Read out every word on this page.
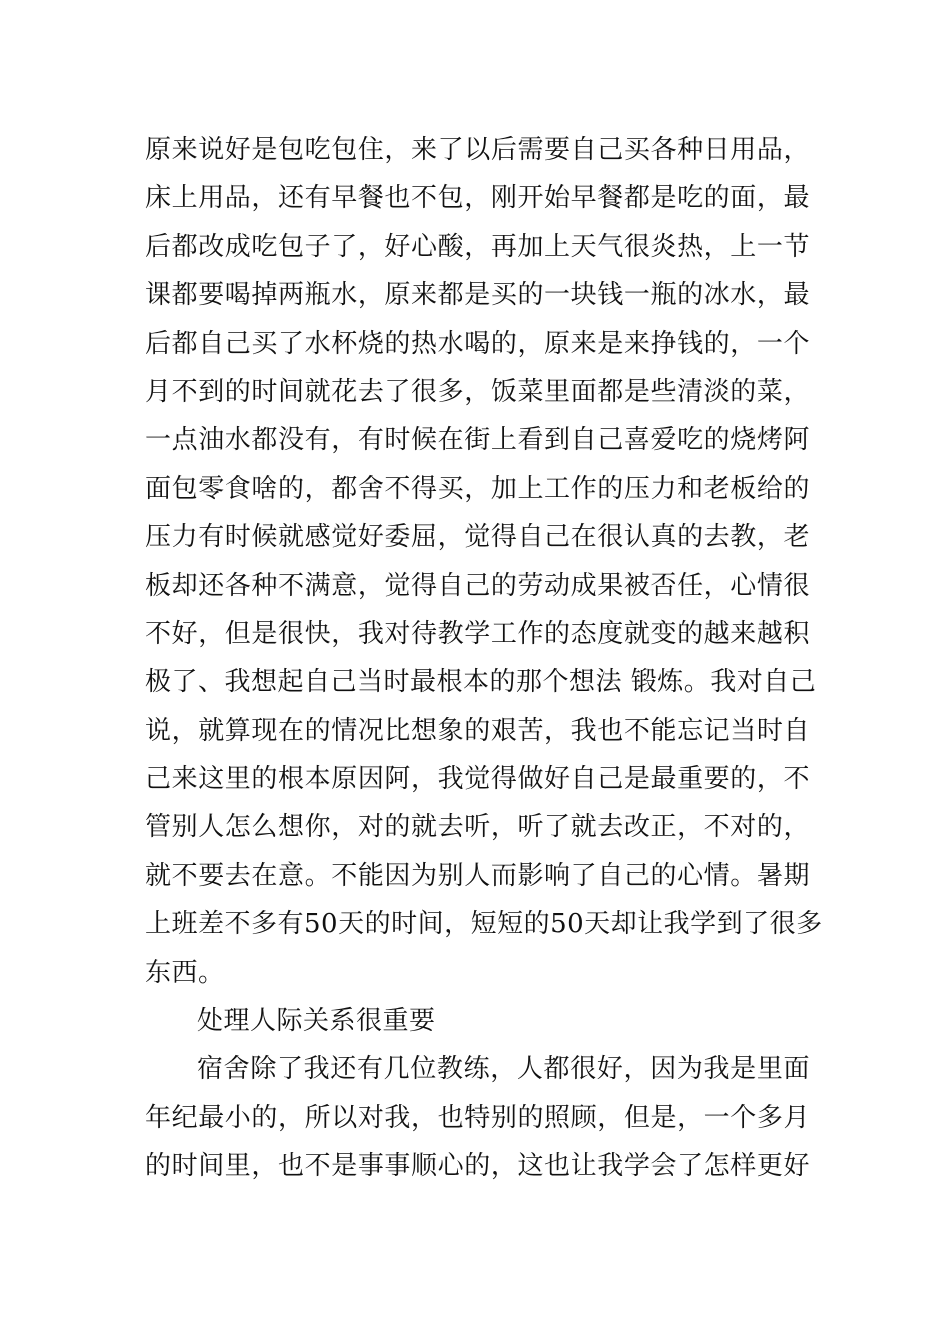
原来说好是包吃包住，来了以后需要自己买各种日用品，
床上用品，还有早餐也不包，刚开始早餐都是吃的面，最
后都改成吃包子了，好心酸，再加上天气很炎热，上一节
课都要喝掉两瓶水，原来都是买的一块钱一瓶的冰水，最
后都自己买了水杯烧的热水喝的，原来是来挣钱的，一个
月不到的时间就花去了很多，饭菜里面都是些清淡的菜，
一点油水都没有，有时候在街上看到自己喜爱吃的烧烤阿
面包零食啥的，都舍不得买，加上工作的压力和老板给的
压力有时候就感觉好委屈，觉得自己在很认真的去教，老
板却还各种不满意，觉得自己的劳动成果被否任，心情很
不好，但是很快，我对待教学工作的态度就变的越来越积
极了、我想起自己当时最根本的那个想法 锻炼。我对自己
说，就算现在的情况比想象的艰苦，我也不能忘记当时自
己来这里的根本原因阿，我觉得做好自己是最重要的，不
管别人怎么想你，对的就去听，听了就去改正，不对的，
就不要去在意。不能因为别人而影响了自己的心情。暑期
上班差不多有50天的时间，短短的50天却让我学到了很多
东西。
处理人际关系很重要
宿舍除了我还有几位教练，人都很好，因为我是里面
年纪最小的，所以对我，也特别的照顾，但是，一个多月
的时间里，也不是事事顺心的，这也让我学会了怎样更好
